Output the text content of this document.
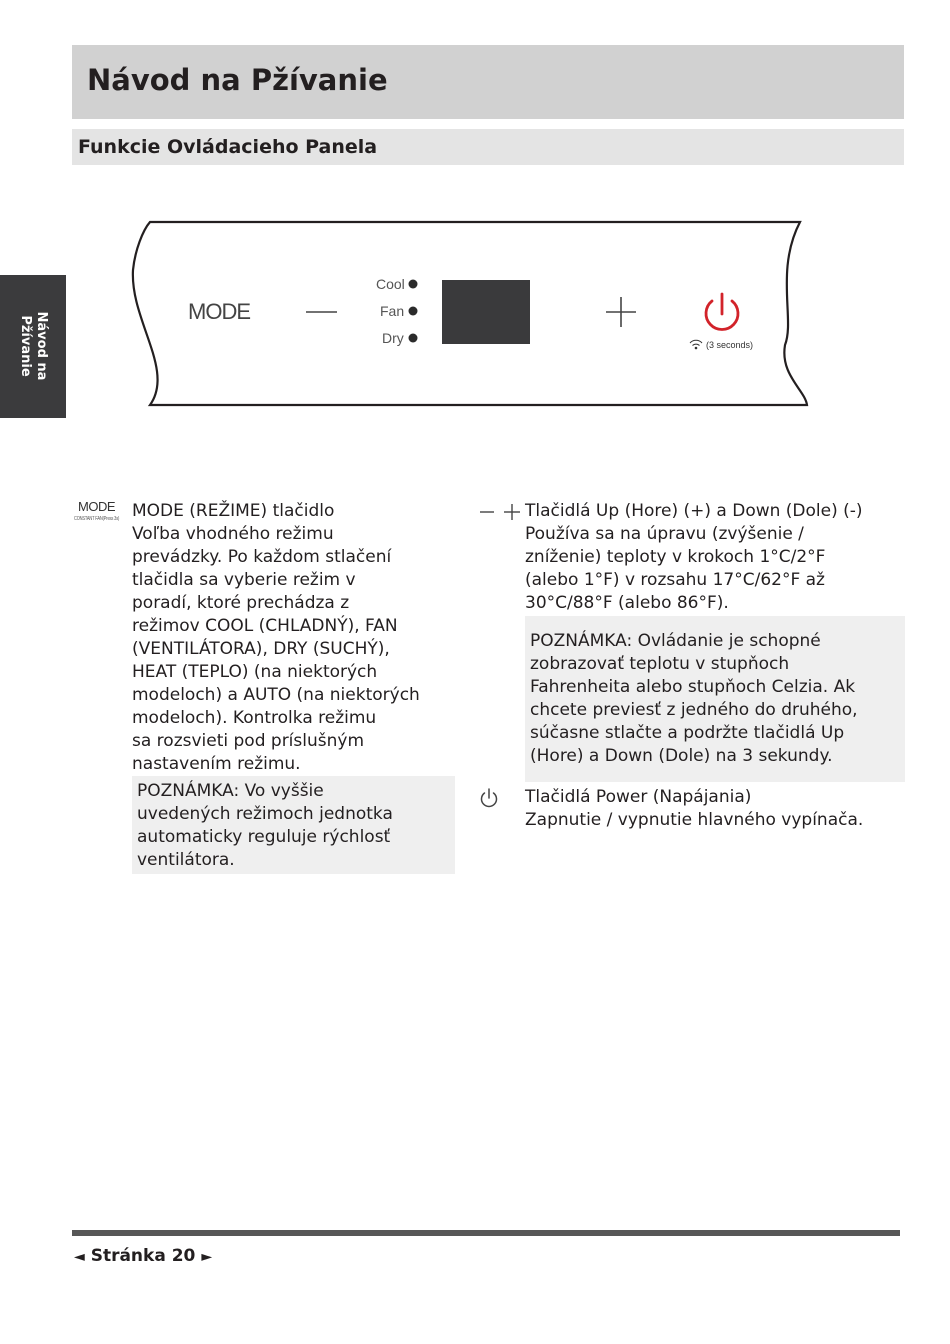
Návod na Pžívanie
Funkcie Ovládacieho Panela
Návod na
Pžívanie
MODE
Cool
Fan
Dry	(3 seconds)
MODE
CONSTANT FAN(Press 3s) MODE (REŽIME) tlačidlo

Voľba vhodného režimu

prevádzky. Po každom stlačení

tlačidla sa vyberie režim v

poradí, ktoré prechádza z

režimov COOL (CHLADNÝ), FAN

(VENTILÁTORA), DRY (SUCHÝ),

HEAT (TEPLO) (na niektorých

modeloch) a AUTO (na niektorých

modeloch). Kontrolka režimu

sa rozsvieti pod príslušným

nastavením režimu.

POZNÁMKA: Vo vyššie

uvedených režimoch jednotka

automaticky reguluje rýchlosť

ventilátora.

Tlačidlá Up (Hore) (+) a Down (Dole) (-)

Používa sa na úpravu (zvýšenie /

zníženie) teploty v krokoch 1°C/2°F

(alebo 1°F) v rozsahu 17°C/62°F až

30°C/88°F (alebo 86°F).

POZNÁMKA: Ovládanie je schopné

zobrazovať teplotu v stupňoch

Fahrenheita alebo stupňoch Celzia. Ak

chcete previesť z jedného do druhého,

súčasne stlačte a podržte tlačidlá Up

(Hore) a Down (Dole) na 3 sekundy.

Tlačidlá Power (Napájania)

Zapnutie / vypnutie hlavného vypínača.

◄ Stránka 20 ►
